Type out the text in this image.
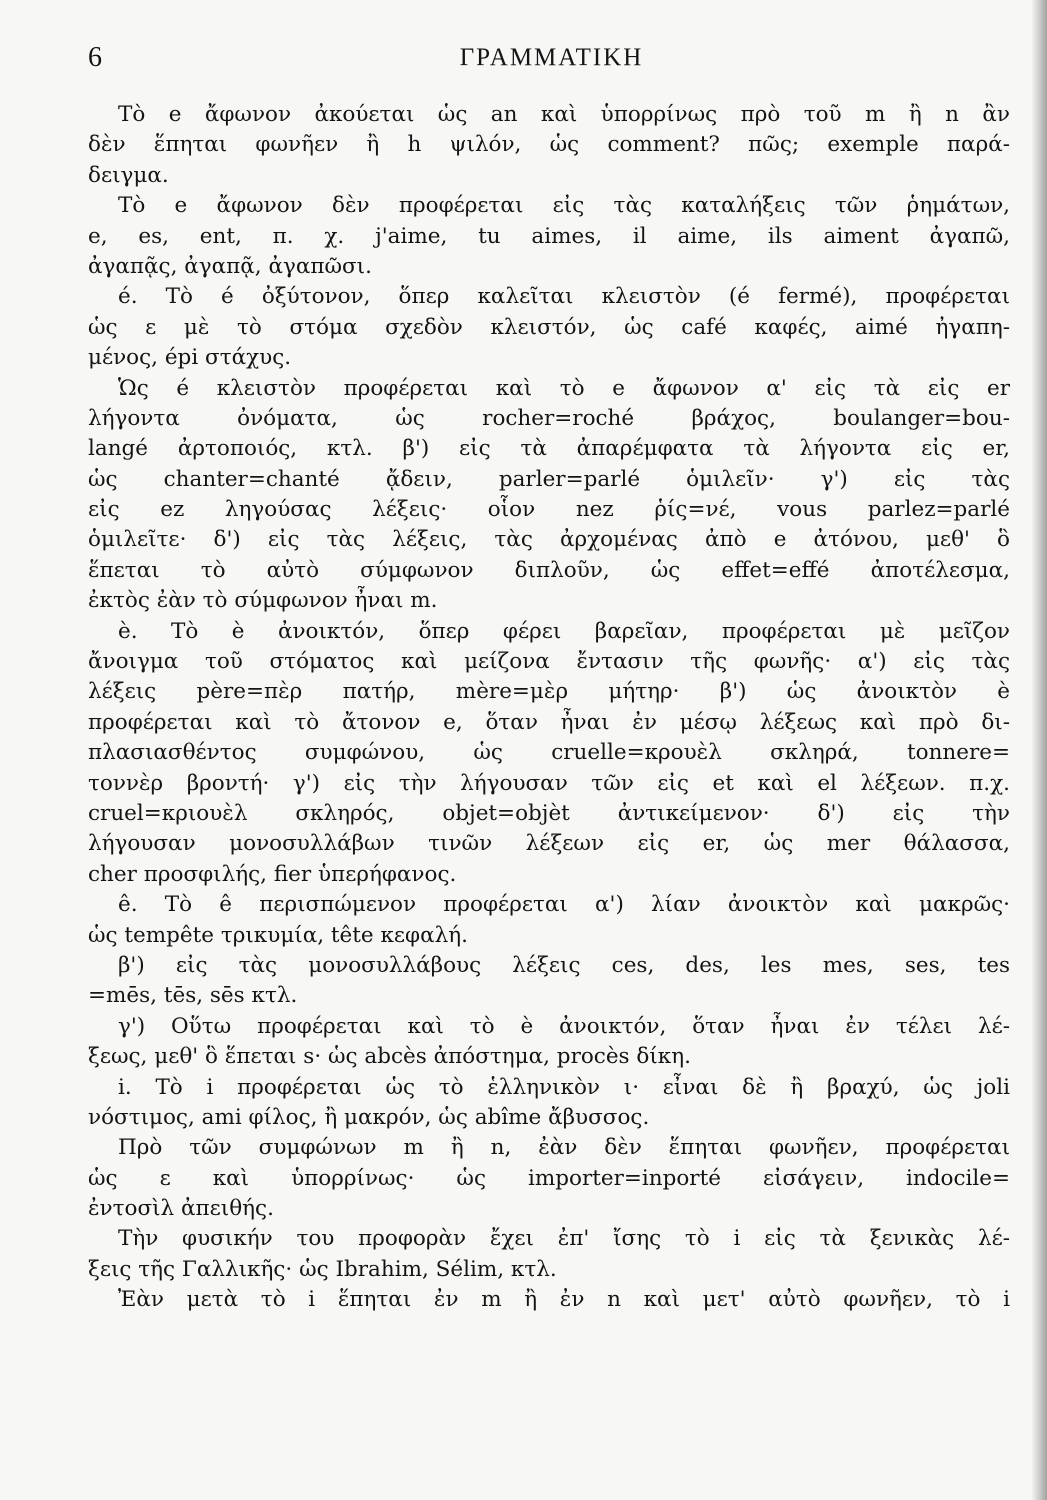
6	ΓΡΑΜΜΑΤΙΚΗ
Τὸ e ἄφωνον ἀκούεται ὡς an καὶ ὑπορρίνως πρὸ τοῦ m ἢ n ἂν
δὲν ἕπηται φωνῆεν ἢ h ψιλόν, ὡς comment? πῶς; exemple παρά-
δειγμα.
Τὸ e ἄφωνον δὲν προφέρεται εἰς τὰς καταλήξεις τῶν ῥημάτων,
e, es, ent, π. χ. j'aime, tu aimes, il aime, ils aiment ἀγαπῶ,
ἀγαπᾷς, ἀγαπᾷ, ἀγαπῶσι.
é. Τὸ é ὀξύτονον, ὅπερ καλεῖται κλειστὸν (é fermé), προφέρεται
ὡς ε μὲ τὸ στόμα σχεδὸν κλειστόν, ὡς café καφές, aimé ἠγαπη-
μένος, épi στάχυς.
Ὡς é κλειστὸν προφέρεται καὶ τὸ e ἄφωνον α' εἰς τὰ εἰς er
λήγοντα ὀνόματα, ὡς rocher=roché βράχος, boulanger=bou-
langé ἀρτοποιός, κτλ. β') εἰς τὰ ἀπαρέμφατα τὰ λήγοντα εἰς er,
ὡς chanter=chanté ᾄδειν, parler=parlé ὁμιλεῖν· γ') εἰς τὰς
εἰς ez ληγούσας λέξεις· οἷον nez ῥίς=νέ, vous parlez=parlé
ὁμιλεῖτε· δ') εἰς τὰς λέξεις, τὰς ἀρχομένας ἀπὸ e ἀτόνου, μεθ' ὃ
ἕπεται τὸ αὐτὸ σύμφωνον διπλοῦν, ὡς effet=effé ἀποτέλεσμα,
ἐκτὸς ἐὰν τὸ σύμφωνον ἦναι m.
è. Τὸ è ἀνοικτόν, ὅπερ φέρει βαρεῖαν, προφέρεται μὲ μεῖζον
ἄνοιγμα τοῦ στόματος καὶ μείζονα ἔντασιν τῆς φωνῆς· α') εἰς τὰς
λέξεις père=πὲρ πατήρ, mère=μὲρ μήτηρ· β') ὡς ἀνοικτὸν è
προφέρεται καὶ τὸ ἄτονον e, ὅταν ἦναι ἐν μέσῳ λέξεως καὶ πρὸ δι-
πλασιασθέντος συμφώνου, ὡς cruelle=κρουὲλ σκληρά, tonnere=
τοννὲρ βροντή· γ') εἰς τὴν λήγουσαν τῶν εἰς et καὶ el λέξεων. π.χ.
cruel=κριουὲλ σκληρός, objet=objèt ἀντικείμενον· δ') εἰς τὴν
λήγουσαν μονοσυλλάβων τινῶν λέξεων εἰς er, ὡς mer θάλασσα,
cher προσφιλής, fier ὑπερήφανος.
ê. Τὸ ê περισπώμενον προφέρεται α') λίαν ἀνοικτὸν καὶ μακρῶς·
ὡς tempête τρικυμία, tête κεφαλή.
β') εἰς τὰς μονοσυλλάβους λέξεις ces, des, les mes, ses, tes
=mēs, tēs, sēs κτλ.
γ') Οὕτω προφέρεται καὶ τὸ è ἀνοικτόν, ὅταν ἦναι ἐν τέλει λέ-
ξεως, μεθ' ὃ ἕπεται s· ὡς abcès ἀπόστημα, procès δίκη.
i. Τὸ i προφέρεται ὡς τὸ ἑλληνικὸν ι· εἶναι δὲ ἢ βραχύ, ὡς joli
νόστιμος, ami φίλος, ἢ μακρόν, ὡς abîme ἄβυσσος.
Πρὸ τῶν συμφώνων m ἢ n, ἐὰν δὲν ἕπηται φωνῆεν, προφέρεται
ὡς ε καὶ ὑπορρίνως· ὡς importer=inporté εἰσάγειν, indocile=
ἐντοσὶλ ἀπειθής.
Τὴν φυσικήν του προφορὰν ἔχει ἐπ' ἴσης τὸ i εἰς τὰ ξενικὰς λέ-
ξεις τῆς Γαλλικῆς· ὡς Ibrahim, Sélim, κτλ.
Ἐὰν μετὰ τὸ i ἕπηται ἐν m ἢ ἐν n καὶ μετ' αὐτὸ φωνῆεν, τὸ i
